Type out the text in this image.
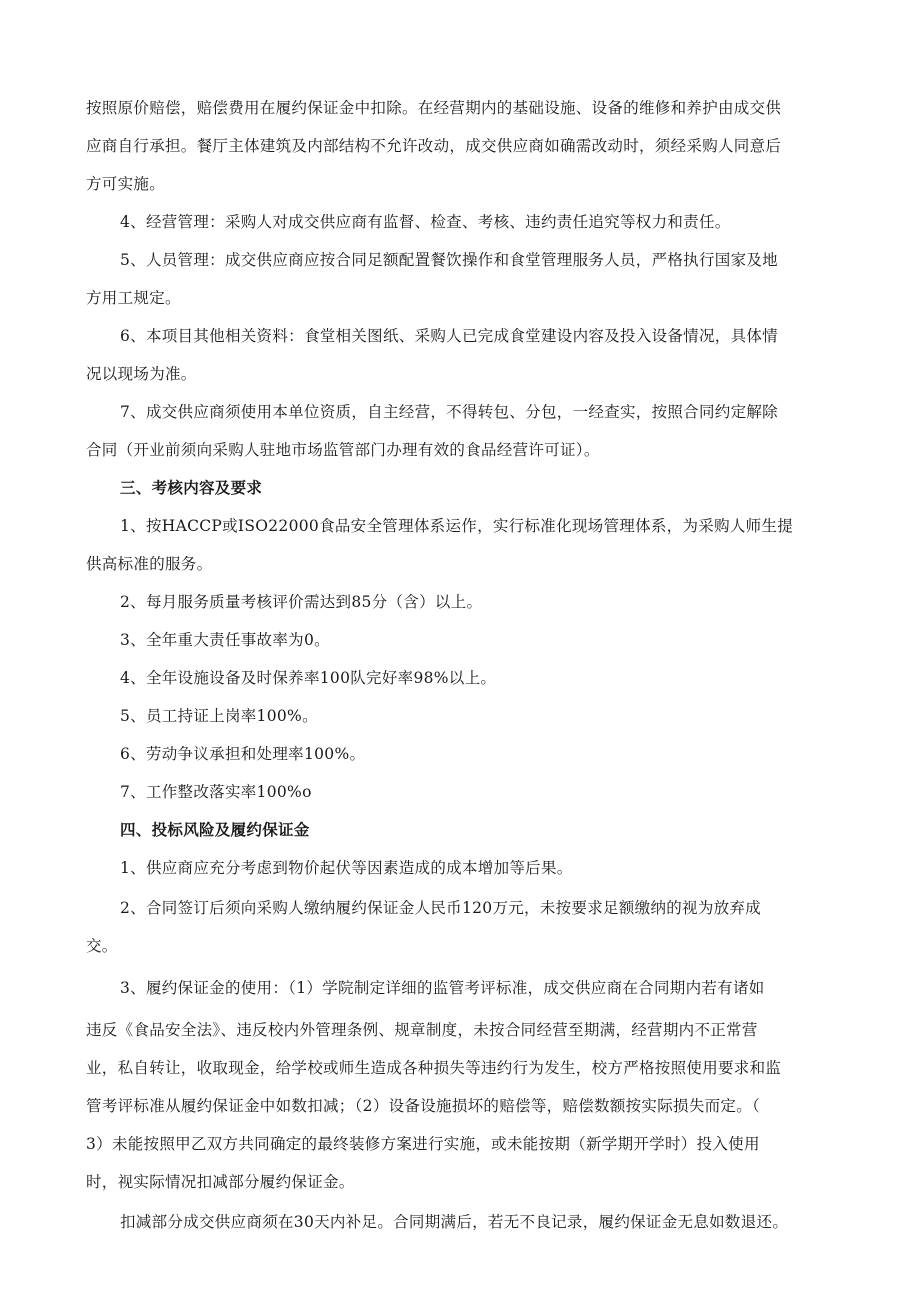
按照原价赔偿，赔偿费用在履约保证金中扣除。在经营期内的基础设施、设备的维修和养护由成交供
应商自行承担。餐厅主体建筑及内部结构不允许改动，成交供应商如确需改动时，须经采购人同意后
方可实施。
4、经营管理：采购人对成交供应商有监督、检查、考核、违约责任追究等权力和责任。
5、人员管理：成交供应商应按合同足额配置餐饮操作和食堂管理服务人员，严格执行国家及地
方用工规定。
6、本项目其他相关资料：食堂相关图纸、采购人已完成食堂建设内容及投入设备情况，具体情
况以现场为准。
7、成交供应商须使用本单位资质，自主经营，不得转包、分包，一经查实，按照合同约定解除
合同（开业前须向采购人驻地市场监管部门办理有效的食品经营许可证）。
三、考核内容及要求
1、按HACCP或ISO22000食品安全管理体系运作，实行标准化现场管理体系，为采购人师生提
供高标准的服务。
2、每月服务质量考核评价需达到85分（含）以上。
3、全年重大责任事故率为0。
4、全年设施设备及时保养率100队完好率98%以上。
5、员工持证上岗率100%。
6、劳动争议承担和处理率100%。
7、工作整改落实率100%o
四、投标风险及履约保证金
1、供应商应充分考虑到物价起伏等因素造成的成本增加等后果。
2、合同签订后须向采购人缴纳履约保证金人民币120万元，未按要求足额缴纳的视为放弃成
交。
3、履约保证金的使用：（1）学院制定详细的监管考评标准，成交供应商在合同期内若有诸如
违反《食品安全法》、违反校内外管理条例、规章制度，未按合同经营至期满，经营期内不正常营
业，私自转让，收取现金，给学校或师生造成各种损失等违约行为发生，校方严格按照使用要求和监
管考评标准从履约保证金中如数扣减；（2）设备设施损坏的赔偿等，赔偿数额按实际损失而定。（
3）未能按照甲乙双方共同确定的最终装修方案进行实施，或未能按期（新学期开学时）投入使用
时，视实际情况扣减部分履约保证金。
扣减部分成交供应商须在30天内补足。合同期满后，若无不良记录，履约保证金无息如数退还。
